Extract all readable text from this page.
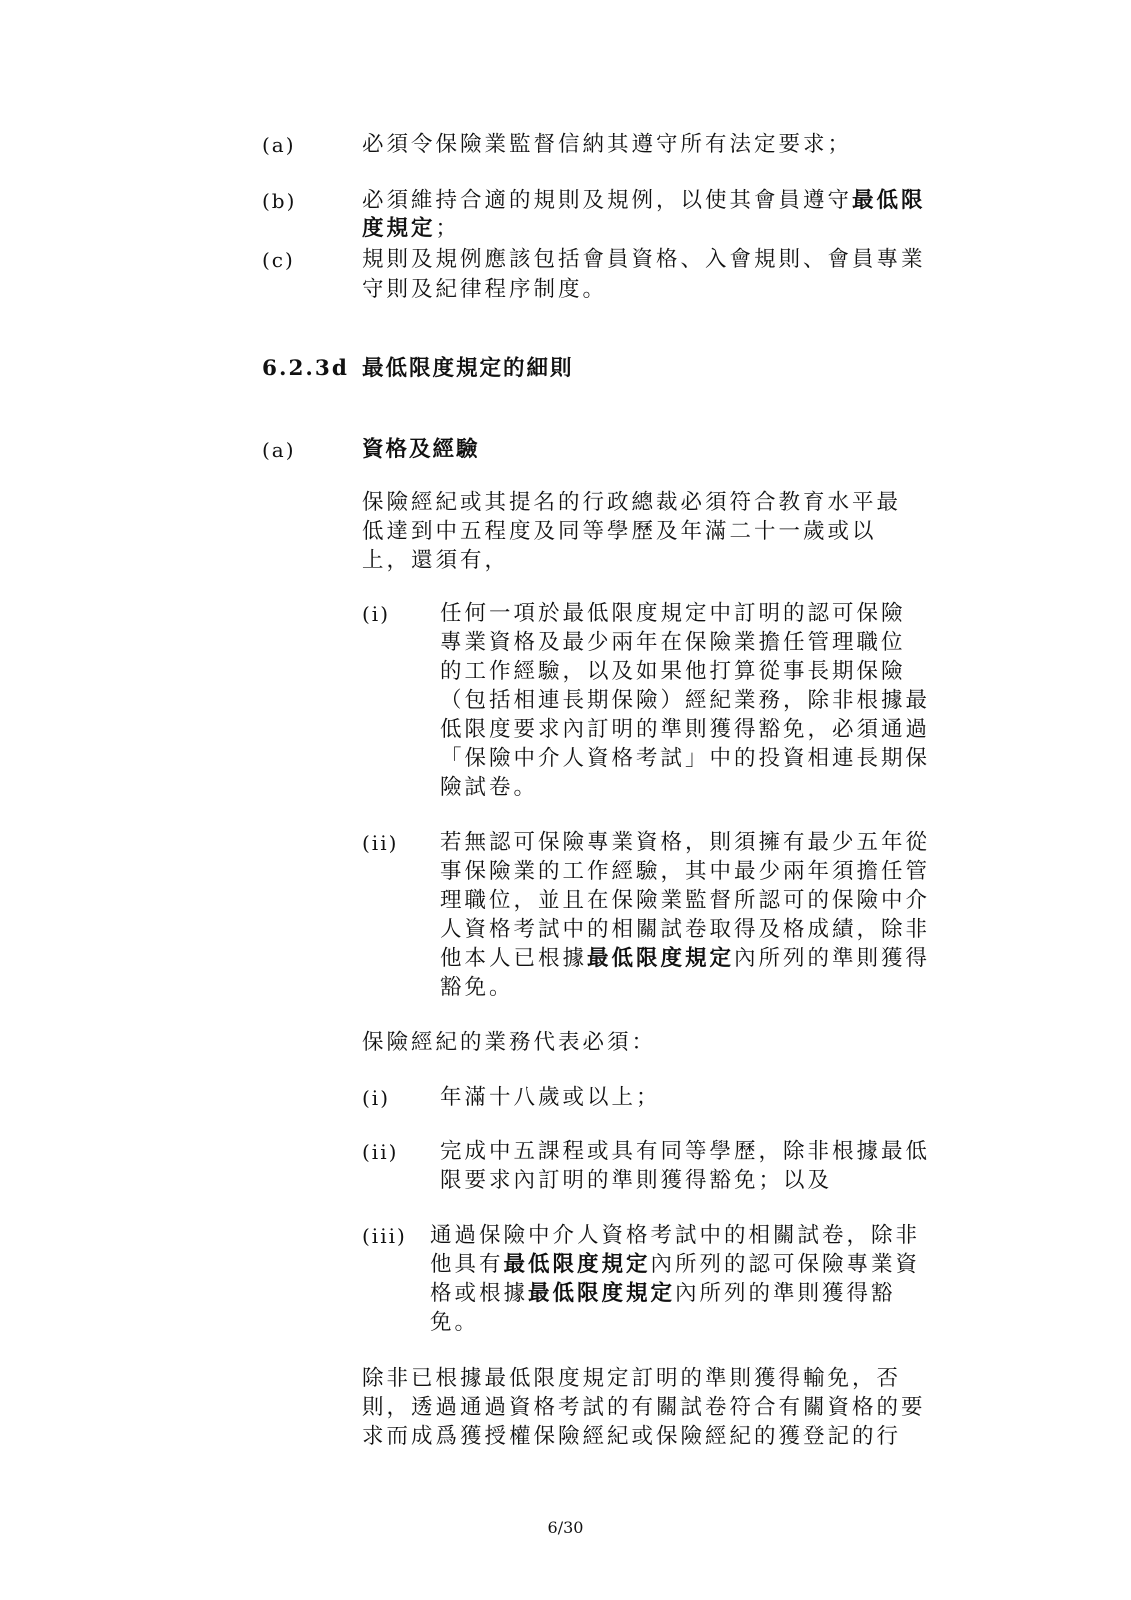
(a)	必須令保險業監督信納其遵守所有法定要求；
(b)	必須維持合適的規則及規例，以使其會員遵守最低限
度規定；
(c)	規則及規例應該包括會員資格、入會規則、會員專業
守則及紀律程序制度。
6.2.3d 最低限度規定的細則
(a)	資格及經驗
保險經紀或其提名的行政總裁必須符合教育水平最
低達到中五程度及同等學歷及年滿二十一歲或以
上，還須有，
(i) 任何一項於最低限度規定中訂明的認可保險
專業資格及最少兩年在保險業擔任管理職位
的工作經驗，以及如果他打算從事長期保險
（包括相連長期保險）經紀業務，除非根據最
低限度要求內訂明的準則獲得豁免，必須通過
「保險中介人資格考試」中的投資相連長期保
險試卷。
(ii) 若無認可保險專業資格，則須擁有最少五年從
事保險業的工作經驗，其中最少兩年須擔任管
理職位，並且在保險業監督所認可的保險中介
人資格考試中的相關試卷取得及格成績，除非
他本人已根據最低限度規定內所列的準則獲得
豁免。
保險經紀的業務代表必須：
(i) 年滿十八歲或以上；
(ii) 完成中五課程或具有同等學歷，除非根據最低
限要求內訂明的準則獲得豁免；以及
(iii) 通過保險中介人資格考試中的相關試卷，除非
他具有最低限度規定內所列的認可保險專業資
格或根據最低限度規定內所列的準則獲得豁
免。
除非已根據最低限度規定訂明的準則獲得輸免，否
則，透過通過資格考試的有關試卷符合有關資格的要
求而成爲獲授權保險經紀或保險經紀的獲登記的行
6/30
